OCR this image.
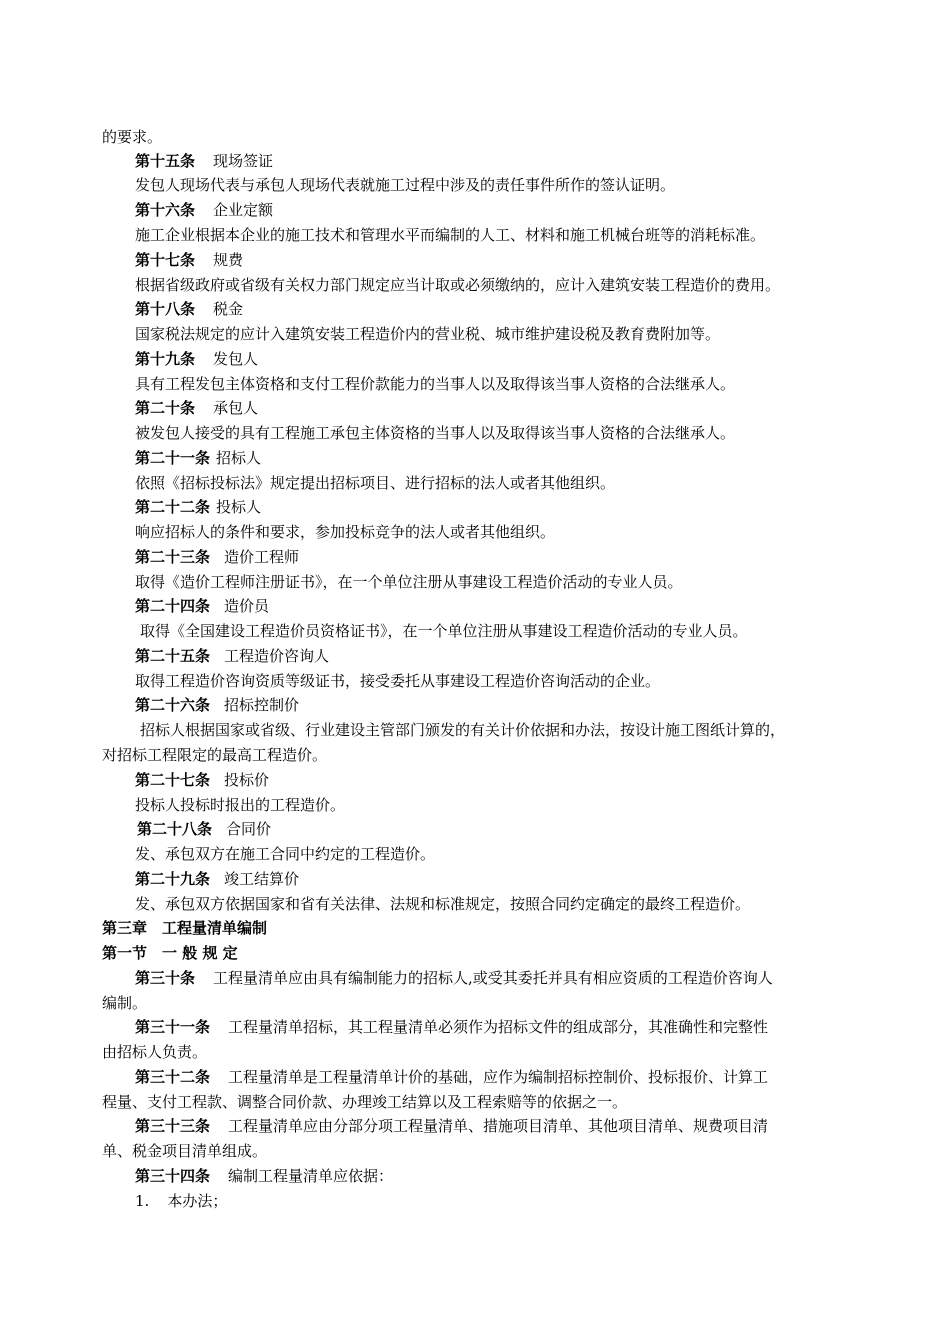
的要求。
第十五条 现场签证
发包人现场代表与承包人现场代表就施工过程中涉及的责任事件所作的签认证明。
第十六条 企业定额
施工企业根据本企业的施工技术和管理水平而编制的人工、材料和施工机械台班等的消耗标准。
第十七条 规费
根据省级政府或省级有关权力部门规定应当计取或必须缴纳的，应计入建筑安装工程造价的费用。
第十八条 税金
国家税法规定的应计入建筑安装工程造价内的营业税、城市维护建设税及教育费附加等。
第十九条 发包人
具有工程发包主体资格和支付工程价款能力的当事人以及取得该当事人资格的合法继承人。
第二十条 承包人
被发包人接受的具有工程施工承包主体资格的当事人以及取得该当事人资格的合法继承人。
第二十一条 招标人
依照《招标投标法》规定提出招标项目、进行招标的法人或者其他组织。
第二十二条 投标人
响应招标人的条件和要求，参加投标竞争的法人或者其他组织。
第二十三条 造价工程师
取得《造价工程师注册证书》，在一个单位注册从事建设工程造价活动的专业人员。
第二十四条 造价员
取得《全国建设工程造价员资格证书》，在一个单位注册从事建设工程造价活动的专业人员。
第二十五条 工程造价咨询人
取得工程造价咨询资质等级证书，接受委托从事建设工程造价咨询活动的企业。
第二十六条 招标控制价
招标人根据国家或省级、行业建设主管部门颁发的有关计价依据和办法，按设计施工图纸计算的，
对招标工程限定的最高工程造价。
第二十七条 投标价
投标人投标时报出的工程造价。
第二十八条 合同价
发、承包双方在施工合同中约定的工程造价。
第二十九条 竣工结算价
发、承包双方依据国家和省有关法律、法规和标准规定，按照合同约定确定的最终工程造价。
第三章　工程量清单编制
第一节　一 般 规 定
第三十条 工程量清单应由具有编制能力的招标人,或受其委托并具有相应资质的工程造价咨询人
编制。
第三十一条 工程量清单招标，其工程量清单必须作为招标文件的组成部分，其准确性和完整性
由招标人负责。
第三十二条 工程量清单是工程量清单计价的基础，应作为编制招标控制价、投标报价、计算工
程量、支付工程款、调整合同价款、办理竣工结算以及工程索赔等的依据之一。
第三十三条 工程量清单应由分部分项工程量清单、措施项目清单、其他项目清单、规费项目清
单、税金项目清单组成。
第三十四条 编制工程量清单应依据：
1. 本办法；
